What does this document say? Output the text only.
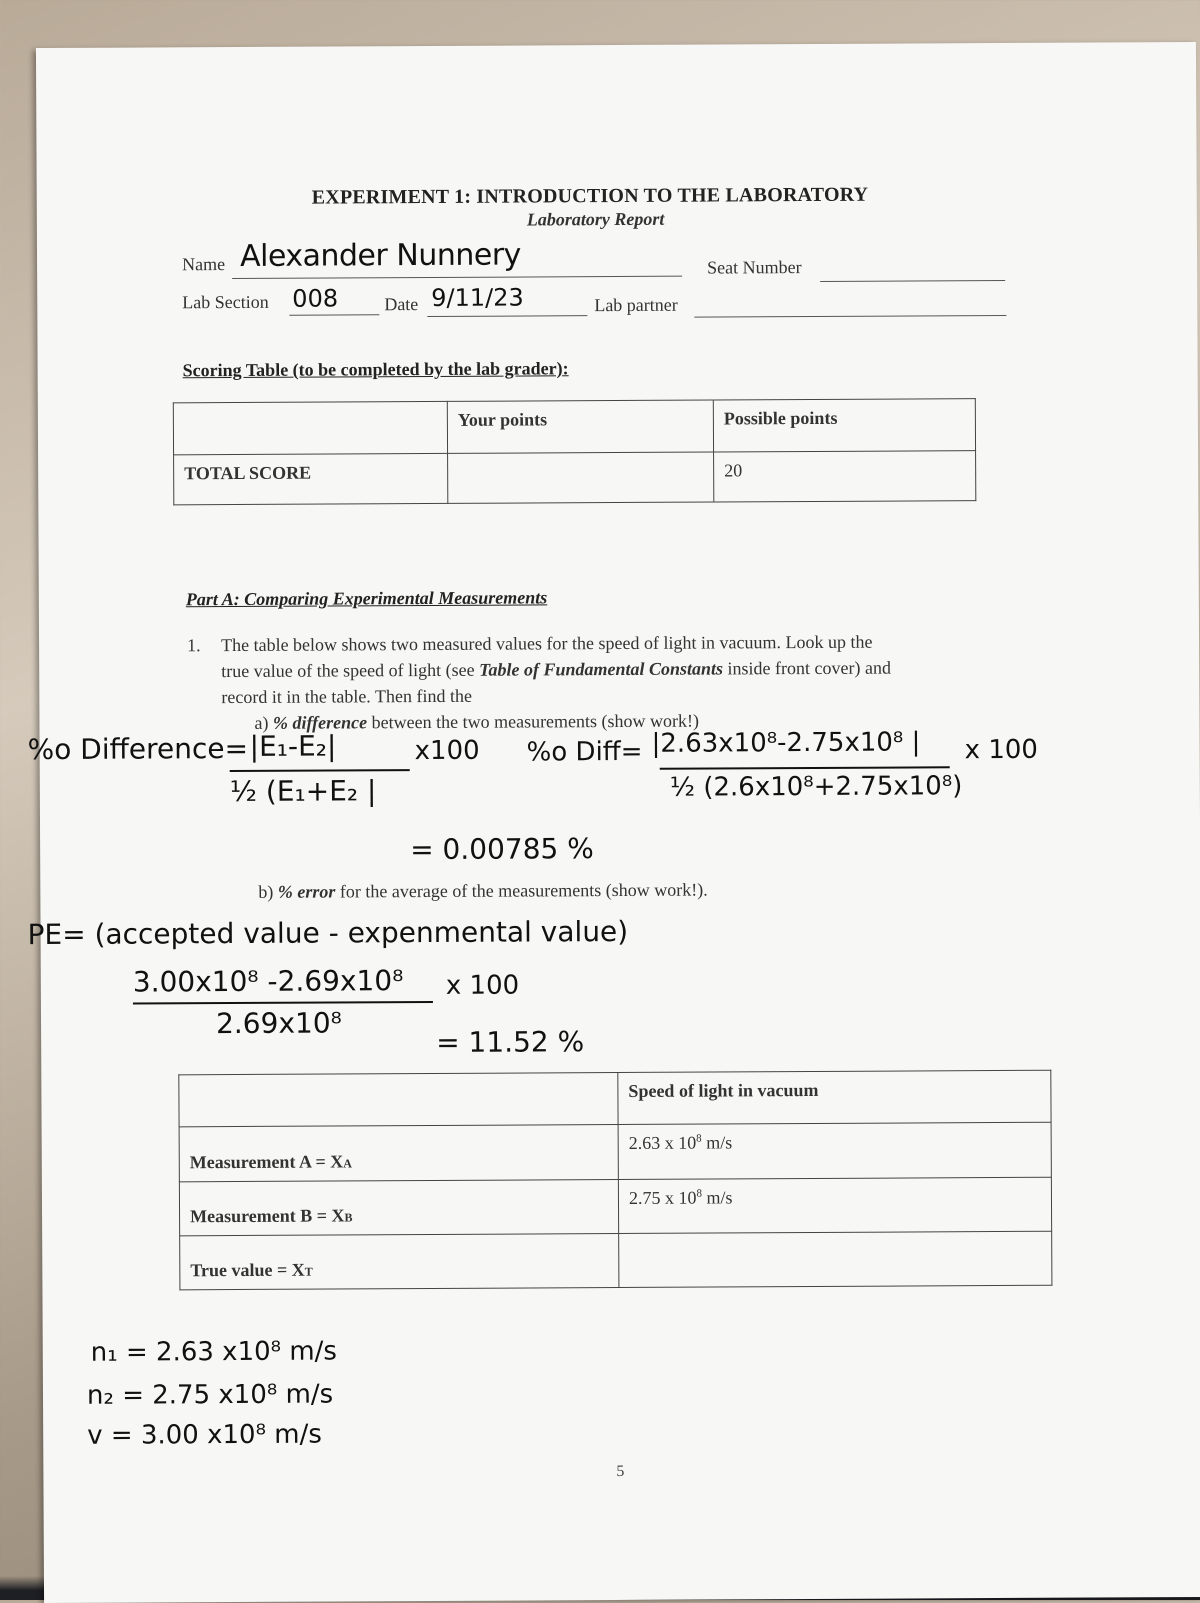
EXPERIMENT 1: INTRODUCTION TO THE LABORATORY
Laboratory Report
Name Alexander Nunnery	Seat Number
Lab Section 008	Date 9/11/23	Lab partner
Scoring Table (to be completed by the lab grader):
	Your points	Possible points
TOTAL SCORE		20
Part A: Comparing Experimental Measurements
1. The table below shows two measured values for the speed of light in vacuum. Look up the
true value of the speed of light (see Table of Fundamental Constants inside front cover) and
record it in the table. Then find the
a) % difference between the two measurements (show work!)
%o Difference= |E₁-E₂|
½ (E₁+E₂ |
x100 %o Diff= |2.63x10⁸-2.75x10⁸ |
½ (2.6x10⁸+2.75x10⁸)
x 100
= 0.00785 %
b) % error for the average of the measurements (show work!).
PE= (accepted value - expenmental value)
3.00x10⁸ -2.69x10⁸
2.69x10⁸
x 100
= 11.52 %
	Speed of light in vacuum
Measurement A = XA	2.63 x $10^8$ m/s
Measurement B = XB	2.75 x $10^8$ m/s
True value = XT	
n₁ = 2.63 x10⁸ m/s
n₂ = 2.75 x10⁸ m/s
v = 3.00 x10⁸ m/s
5
